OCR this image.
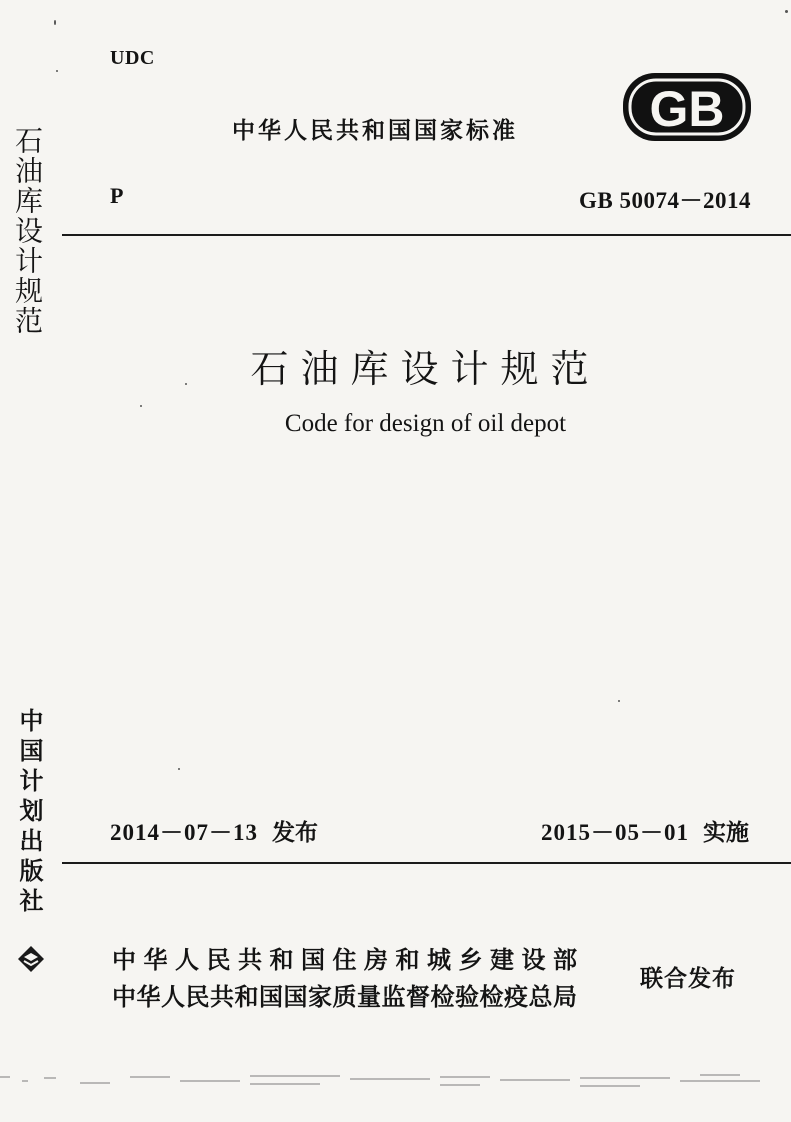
UDC
中华人民共和国国家标准	GB
P	GB 50074－2014
石油库设计规范
中国计划出版社
石油库设计规范
Code for design of oil depot
2014－07－13 发布	2015－05－01 实施
中华人民共和国住房和城乡建设部
中华人民共和国国家质量监督检验检疫总局
联合发布
